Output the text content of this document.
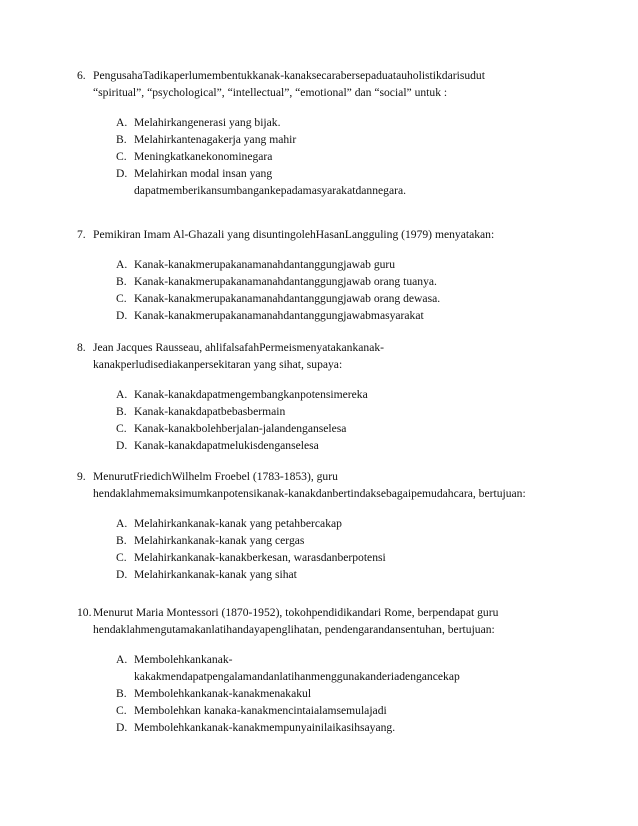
6. PengusahaTadikaperlumembentukkanak-kanaksecarabersepaduatauholistikdarisudut
“spiritual”, “psychological”, “intellectual”, “emotional” dan “social” untuk :
A. Melahirkangenerasi yang bijak.
B. Melahirkantenagakerja yang mahir
C. Meningkatkanekonominegara
D. Melahirkan modal insan yang
dapatmemberikansumbangankepadamasyarakatdannegara.
7. Pemikiran Imam Al-Ghazali yang disuntingolehHasanLangguling (1979) menyatakan:
A. Kanak-kanakmerupakanamanahdantanggungjawab guru
B. Kanak-kanakmerupakanamanahdantanggungjawab orang tuanya.
C. Kanak-kanakmerupakanamanahdantanggungjawab orang dewasa.
D. Kanak-kanakmerupakanamanahdantanggungjawabmasyarakat
8. Jean Jacques Rausseau, ahlifalsafahPermeismenyatakankanak-
kanakperludisediakanpersekitaran yang sihat, supaya:
A. Kanak-kanakdapatmengembangkanpotensimereka
B. Kanak-kanakdapatbebasbermain
C. Kanak-kanakbolehberjalan-jalandenganselesa
D. Kanak-kanakdapatmelukisdenganselesa
9. MenurutFriedichWilhelm Froebel (1783-1853), guru
hendaklahmemaksimumkanpotensikanak-kanakdanbertindaksebagaipemudahcara, bertujuan:
A. Melahirkankanak-kanak yang petahbercakap
B. Melahirkankanak-kanak yang cergas
C. Melahirkankanak-kanakberkesan, warasdanberpotensi
D. Melahirkankanak-kanak yang sihat
10. Menurut Maria Montessori (1870-1952), tokohpendidikandari Rome, berpendapat guru
hendaklahmengutamakanlatihandayapenglihatan, pendengarandansentuhan, bertujuan:
A. Membolehkankanak-
kakakmendapatpengalamandanlatihanmenggunakanderiadengancekap
B. Membolehkankanak-kanakmenakakul
C. Membolehkan kanaka-kanakmencintaialamsemulajadi
D. Membolehkankanak-kanakmempunyainilaikasihsayang.
